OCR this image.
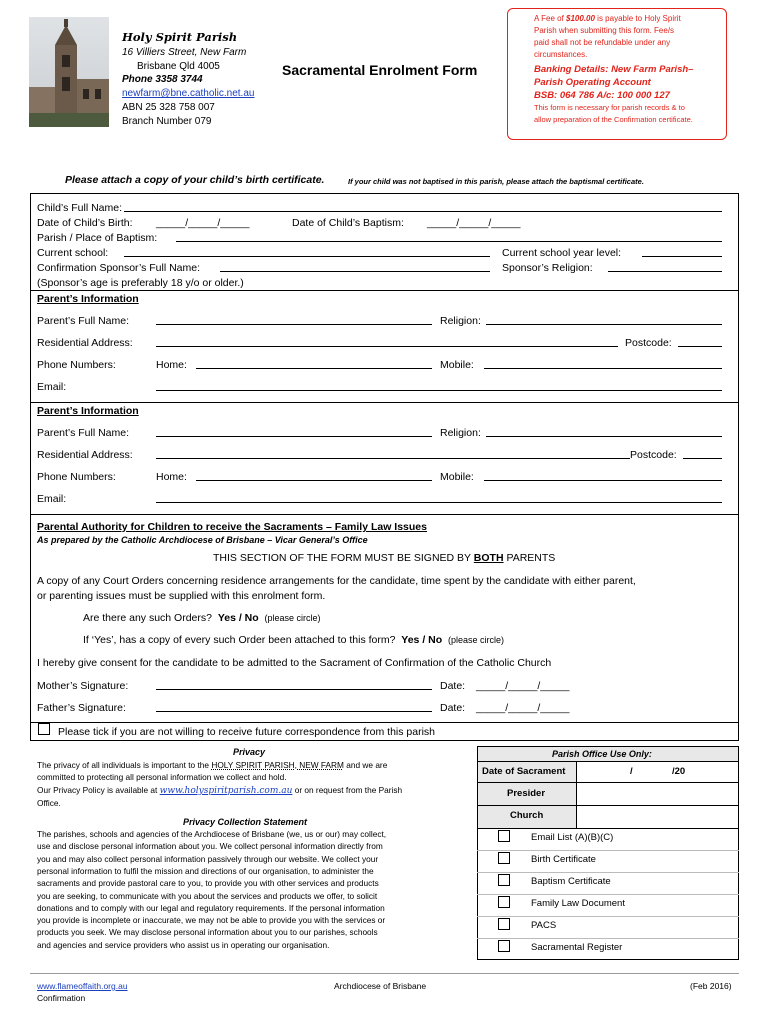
Holy Spirit Parish
16 Villiers Street, New Farm
Brisbane Qld 4005
Phone 3358 3744
newfarm@bne.catholic.net.au
ABN 25 328 758 007
Branch Number 079
Sacramental Enrolment Form
A Fee of $100.00 is payable to Holy Spirit
Parish when submitting this form. Fee/s
paid shall not be refundable under any
circumstances.
Banking Details: New Farm Parish–
Parish Operating Account
BSB: 064 786 A/c: 100 000 127
This form is necessary for parish records & to
allow preparation of the Confirmation certificate.
Please attach a copy of your child’s birth certificate.	If your child was not baptised in this parish, please attach the baptismal certificate.
Child’s Full Name:
Date of Child’s Birth: _____/_____/_____	Date of Child’s Baptism: _____/_____/_____
Parish / Place of Baptism:
Current school:	Current school year level:
Confirmation Sponsor’s Full Name:	Sponsor’s Religion:
(Sponsor’s age is preferably 18 y/o or older.)
Parent’s Information
Parent’s Full Name:	Religion:
Residential Address:	Postcode:
Phone Numbers:	Home:	Mobile:
Email:
Parent’s Information
Parent’s Full Name:	Religion:
Residential Address:	Postcode:
Phone Numbers:	Home:	Mobile:
Email:
Parental Authority for Children to receive the Sacraments – Family Law Issues
As prepared by the Catholic Archdiocese of Brisbane – Vicar General’s Office
THIS SECTION OF THE FORM MUST BE SIGNED BY BOTH PARENTS
A copy of any Court Orders concerning residence arrangements for the candidate, time spent by the candidate with either parent,
or parenting issues must be supplied with this enrolment form.
Are there any such Orders? Yes / No (please circle)
If ‘Yes’, has a copy of every such Order been attached to this form? Yes / No (please circle)
I hereby give consent for the candidate to be admitted to the Sacrament of Confirmation of the Catholic Church
Mother’s Signature:	Date: _____/_____/_____
Father’s Signature:	Date: _____/_____/_____
Please tick if you are not willing to receive future correspondence from this parish
Privacy
The privacy of all individuals is important to the HOLY SPIRIT PARISH, NEW FARM and we are
committed to protecting all personal information we collect and hold.
Our Privacy Policy is available at www.holyspiritparish.com.au or on request from the Parish
Office.
Privacy Collection Statement
The parishes, schools and agencies of the Archdiocese of Brisbane (we, us or our) may collect,
use and disclose personal information about you. We collect personal information directly from
you and may also collect personal information passively through our website. We collect your
personal information to fulfil the mission and directions of our organisation, to administer the
sacraments and provide pastoral care to you, to provide you with other services and products
you are seeking, to communicate with you about the services and products we offer, to solicit
donations and to comply with our legal and regulatory requirements. If the personal information
you provide is incomplete or inaccurate, we may not be able to provide you with the services or
products you seek. We may disclose personal information about you to our parishes, schools
and agencies and service providers who assist us in operating our organisation.
Parish Office Use Only:
Date of Sacrament	/	/20
Presider
Church
Email List (A)(B)(C)
Birth Certificate
Baptism Certificate
Family Law Document
PACS
Sacramental Register
www.flameoffaith.org.au
Confirmation
Archdiocese of Brisbane	(Feb 2016)
